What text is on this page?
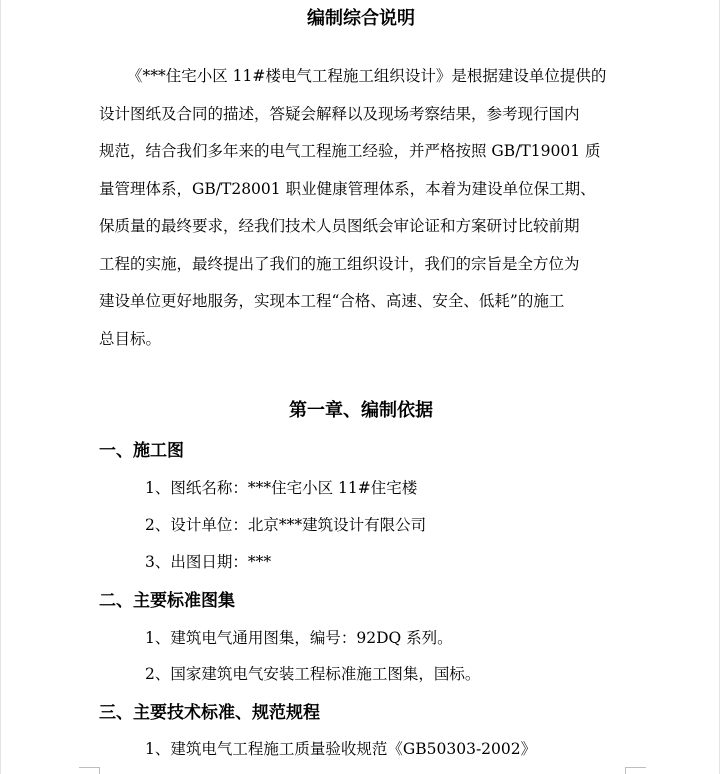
编制综合说明
《***住宅小区 11#楼电气工程施工组织设计》是根据建设单位提供的
设计图纸及合同的描述，答疑会解释以及现场考察结果，参考现行国内
规范，结合我们多年来的电气工程施工经验，并严格按照 GB/T19001 质
量管理体系，GB/T28001 职业健康管理体系，本着为建设单位保工期、
保质量的最终要求，经我们技术人员图纸会审论证和方案研讨比较前期
工程的实施，最终提出了我们的施工组织设计，我们的宗旨是全方位为
建设单位更好地服务，实现本工程“合格、高速、安全、低耗”的施工
总目标。
第一章、编制依据
一、施工图
1、图纸名称：***住宅小区 11#住宅楼
2、设计单位：北京***建筑设计有限公司
3、出图日期：***
二、主要标准图集
1、建筑电气通用图集，编号：92DQ 系列。
2、国家建筑电气安装工程标准施工图集，国标。
三、主要技术标准、规范规程
1、建筑电气工程施工质量验收规范《GB50303-2002》
